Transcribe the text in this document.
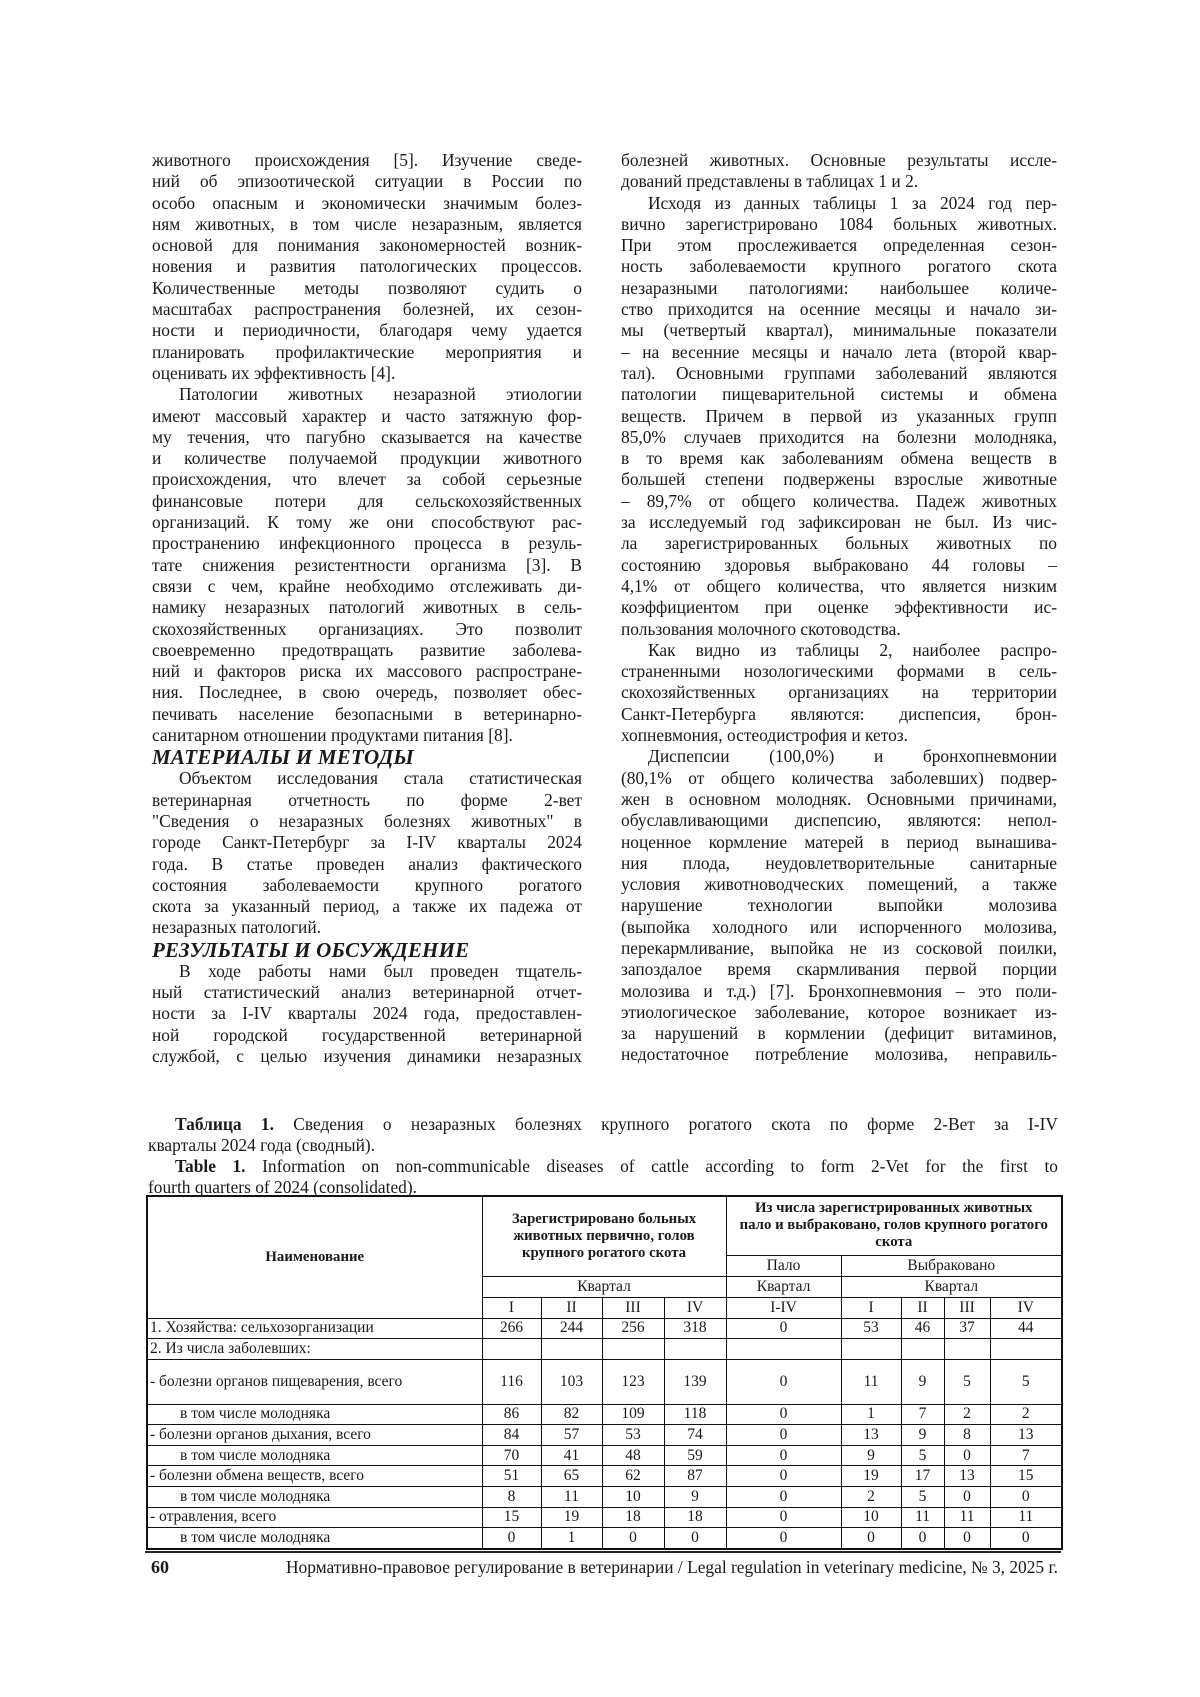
животного происхождения [5]. Изучение сведе-
ний об эпизоотической ситуации в России по
особо опасным и экономически значимым болез-
ням животных, в том числе незаразным, является
основой для понимания закономерностей возник-
новения и развития патологических процессов.
Количественные методы позволяют судить о
масштабах распространения болезней, их сезон-
ности и периодичности, благодаря чему удается
планировать профилактические мероприятия и
оценивать их эффективность [4].
Патологии животных незаразной этиологии
имеют массовый характер и часто затяжную фор-
му течения, что пагубно сказывается на качестве
и количестве получаемой продукции животного
происхождения, что влечет за собой серьезные
финансовые потери для сельскохозяйственных
организаций. К тому же они способствуют рас-
пространению инфекционного процесса в резуль-
тате снижения резистентности организма [3]. В
связи с чем, крайне необходимо отслеживать ди-
намику незаразных патологий животных в сель-
скохозяйственных организациях. Это позволит
своевременно предотвращать развитие заболева-
ний и факторов риска их массового распростране-
ния. Последнее, в свою очередь, позволяет обес-
печивать население безопасными в ветеринарно-
санитарном отношении продуктами питания [8].
МАТЕРИАЛЫ И МЕТОДЫ
Объектом исследования стала статистическая
ветеринарная отчетность по форме 2-вет
"Сведения о незаразных болезнях животных" в
городе Санкт-Петербург за I-IV кварталы 2024
года. В статье проведен анализ фактического
состояния заболеваемости крупного рогатого
скота за указанный период, а также их падежа от
незаразных патологий.
РЕЗУЛЬТАТЫ И ОБСУЖДЕНИЕ
В ходе работы нами был проведен тщатель-
ный статистический анализ ветеринарной отчет-
ности за I-IV кварталы 2024 года, предоставлен-
ной городской государственной ветеринарной
службой, с целью изучения динамики незаразных
болезней животных. Основные результаты иссле-
дований представлены в таблицах 1 и 2.
Исходя из данных таблицы 1 за 2024 год пер-
вично зарегистрировано 1084 больных животных.
При этом прослеживается определенная сезон-
ность заболеваемости крупного рогатого скота
незаразными патологиями: наибольшее количе-
ство приходится на осенние месяцы и начало зи-
мы (четвертый квартал), минимальные показатели
– на весенние месяцы и начало лета (второй квар-
тал). Основными группами заболеваний являются
патологии пищеварительной системы и обмена
веществ. Причем в первой из указанных групп
85,0% случаев приходится на болезни молодняка,
в то время как заболеваниям обмена веществ в
большей степени подвержены взрослые животные
– 89,7% от общего количества. Падеж животных
за исследуемый год зафиксирован не был. Из чис-
ла зарегистрированных больных животных по
состоянию здоровья выбраковано 44 головы –
4,1% от общего количества, что является низким
коэффициентом при оценке эффективности ис-
пользования молочного скотоводства.
Как видно из таблицы 2, наиболее распро-
страненными нозологическими формами в сель-
скохозяйственных организациях на территории
Санкт-Петербурга являются: диспепсия, брон-
хопневмония, остеодистрофия и кетоз.
Диспепсии (100,0%) и бронхопневмонии
(80,1% от общего количества заболевших) подвер-
жен в основном молодняк. Основными причинами,
обуславливающими диспепсию, являются: непол-
ноценное кормление матерей в период вынашива-
ния плода, неудовлетворительные санитарные
условия животноводческих помещений, а также
нарушение технологии выпойки молозива
(выпойка холодного или испорченного молозива,
перекармливание, выпойка не из сосковой поилки,
запоздалое время скармливания первой порции
молозива и т.д.) [7]. Бронхопневмония – это поли-
этиологическое заболевание, которое возникает из-
за нарушений в кормлении (дефицит витаминов,
недостаточное потребление молозива, неправиль-
Таблица 1. Сведения о незаразных болезнях крупного рогатого скота по форме 2-Вет за I-IV
кварталы 2024 года (сводный).
Table 1. Information on non-communicable diseases of cattle according to form 2-Vet for the first to
fourth quarters of 2024 (consolidated).
Наименование	Зарегистрировано больных животных первично, голов крупного рогатого скота	Из числа зарегистрированных животных пало и выбраковано, голов крупного рогатого скота
Пало	Выбраковано
Квартал	Квартал	Квартал
I	II	III	IV	I-IV	I	II	III	IV
1. Хозяйства: сельхозорганизации	266	244	256	318	0	53	46	37	44
2. Из числа заболевших:									
- болезни органов пищеварения, всего	116	103	123	139	0	11	9	5	5
в том числе молодняка	86	82	109	118	0	1	7	2	2
- болезни органов дыхания, всего	84	57	53	74	0	13	9	8	13
в том числе молодняка	70	41	48	59	0	9	5	0	7
- болезни обмена веществ, всего	51	65	62	87	0	19	17	13	15
в том числе молодняка	8	11	10	9	0	2	5	0	0
- отравления, всего	15	19	18	18	0	10	11	11	11
в том числе молодняка	0	1	0	0	0	0	0	0	0
60	Нормативно-правовое регулирование в ветеринарии / Legal regulation in veterinary medicine, № 3, 2025 г.
